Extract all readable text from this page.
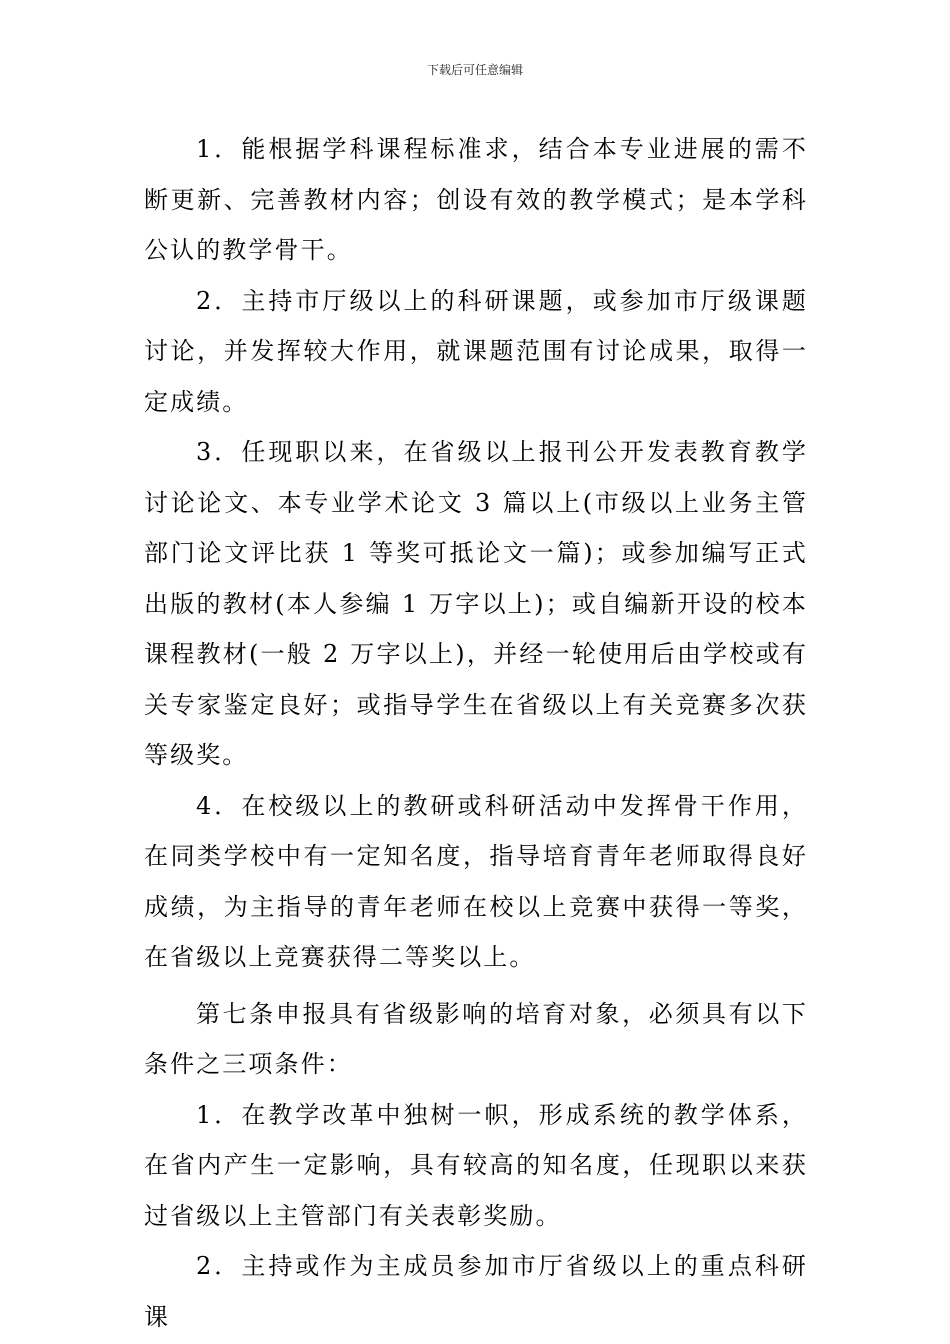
下载后可任意编辑

1．能根据学科课程标准求，结合本专业进展的需不断更新、完善教材内容；创设有效的教学模式；是本学科公认的教学骨干。

2．主持市厅级以上的科研课题，或参加市厅级课题讨论，并发挥较大作用，就课题范围有讨论成果，取得一定成绩。

3．任现职以来，在省级以上报刊公开发表教育教学讨论论文、本专业学术论文 3 篇以上(市级以上业务主管部门论文评比获 1 等奖可抵论文一篇)；或参加编写正式出版的教材(本人参编 1 万字以上)；或自编新开设的校本课程教材(一般 2 万字以上)，并经一轮使用后由学校或有关专家鉴定良好；或指导学生在省级以上有关竞赛多次获等级奖。

4．在校级以上的教研或科研活动中发挥骨干作用，在同类学校中有一定知名度，指导培育青年老师取得良好成绩，为主指导的青年老师在校以上竞赛中获得一等奖，在省级以上竞赛获得二等奖以上。

第七条申报具有省级影响的培育对象，必须具有以下条件之三项条件：

1．在教学改革中独树一帜，形成系统的教学体系，在省内产生一定影响，具有较高的知名度，任现职以来获过省级以上主管部门有关表彰奖励。

2．主持或作为主成员参加市厅省级以上的重点科研课
